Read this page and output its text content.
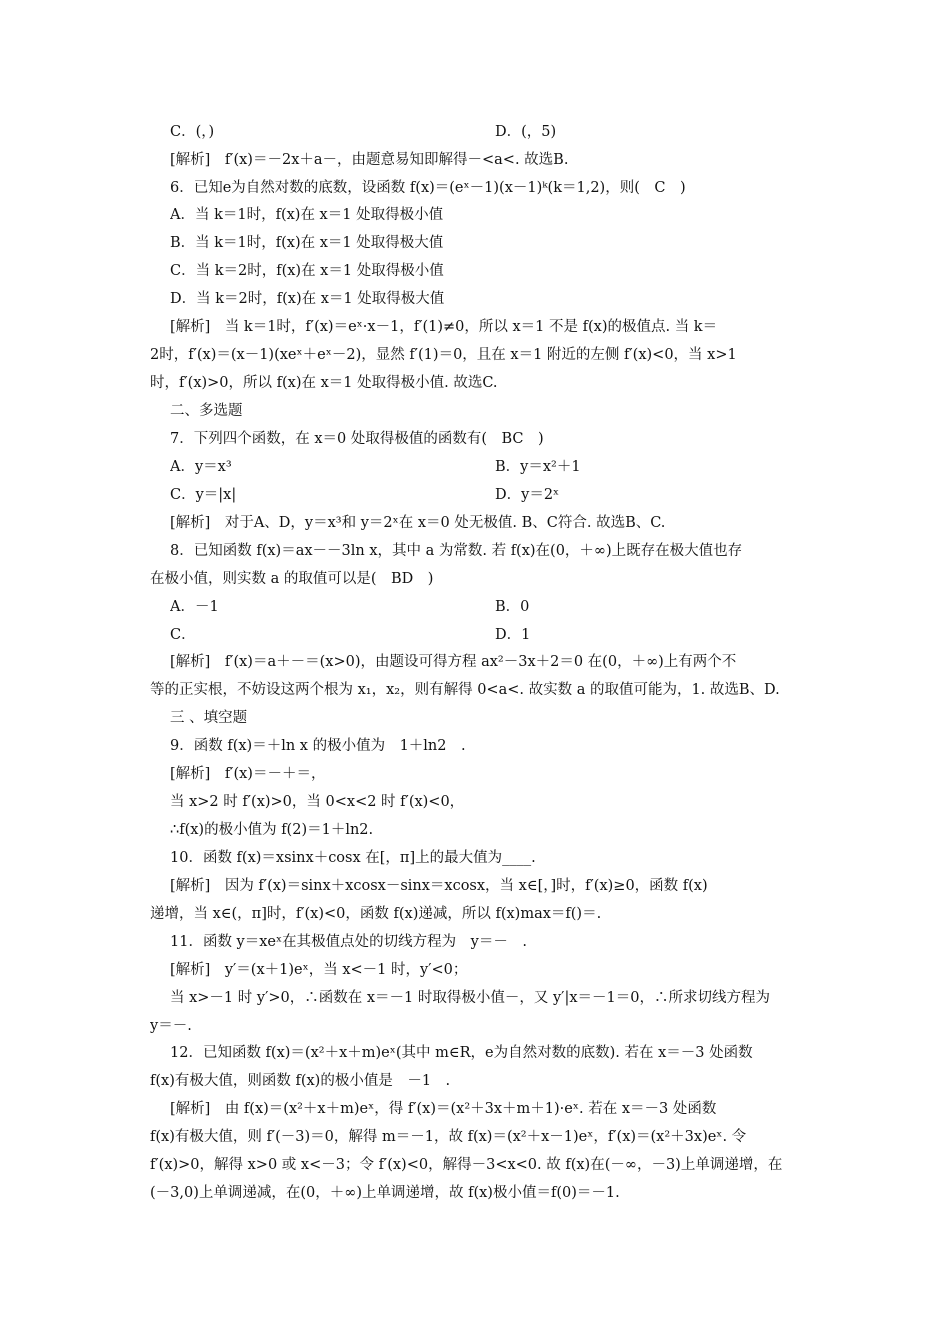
C．(，)	D．(，5)
[解析]　f′(x)＝－2x＋a－，由题意易知即解得－<a<. 故选B.
6．已知e为自然对数的底数，设函数 f(x)＝(eˣ－1)(x－1)ᵏ(k＝1,2)，则(　C　)
A．当 k＝1时，f(x)在 x＝1 处取得极小值
B．当 k＝1时，f(x)在 x＝1 处取得极大值
C．当 k＝2时，f(x)在 x＝1 处取得极小值
D．当 k＝2时，f(x)在 x＝1 处取得极大值
[解析]　当 k＝1时，f′(x)＝eˣ·x－1，f′(1)≠0，所以 x＝1 不是 f(x)的极值点. 当 k＝
2时，f′(x)＝(x－1)(xeˣ＋eˣ－2)，显然 f′(1)＝0，且在 x＝1 附近的左侧 f′(x)<0，当 x>1
时，f′(x)>0，所以 f(x)在 x＝1 处取得极小值. 故选C.
二、多选题
7．下列四个函数，在 x＝0 处取得极值的函数有(　BC　)
A．y＝x³	B．y＝x²＋1
C．y＝|x|	D．y＝2ˣ
[解析]　对于A、D，y＝x³和 y＝2ˣ在 x＝0 处无极值. B、C符合. 故选B、C.
8．已知函数 f(x)＝ax－－3ln x，其中 a 为常数. 若 f(x)在(0，＋∞)上既存在极大值也存
在极小值，则实数 a 的取值可以是(　BD　)
A．－1	B．0
C．	D．1
[解析]　f′(x)＝a＋－＝(x>0)，由题设可得方程 ax²－3x＋2＝0 在(0，＋∞)上有两个不
等的正实根，不妨设这两个根为 x₁，x₂，则有解得 0<a<. 故实数 a 的取值可能为，1. 故选B、D.
三 、填空题
9．函数 f(x)＝＋ln x 的极小值为　1＋ln2　.
[解析]　f′(x)＝－＋＝，
当 x>2 时 f′(x)>0，当 0<x<2 时 f′(x)<0，
∴f(x)的极小值为 f(2)＝1＋ln2.
10．函数 f(x)＝xsinx＋cosx 在[，π]上的最大值为____.
[解析]　因为 f′(x)＝sinx＋xcosx－sinx＝xcosx，当 x∈[，]时，f′(x)≥0，函数 f(x)
递增，当 x∈(，π]时，f′(x)<0，函数 f(x)递减，所以 f(x)max＝f()＝.
11．函数 y＝xeˣ在其极值点处的切线方程为　y＝－　.
[解析]　y′＝(x＋1)eˣ，当 x<－1 时，y′<0；
当 x>－1 时 y′>0，∴函数在 x＝－1 时取得极小值－，又 y′|x＝－1＝0，∴所求切线方程为
y＝－.
12．已知函数 f(x)＝(x²＋x＋m)eˣ(其中 m∈R，e为自然对数的底数). 若在 x＝－3 处函数
f(x)有极大值，则函数 f(x)的极小值是　－1　.
[解析]　由 f(x)＝(x²＋x＋m)eˣ，得 f′(x)＝(x²＋3x＋m＋1)·eˣ. 若在 x＝－3 处函数
f(x)有极大值，则 f′(－3)＝0，解得 m＝－1，故 f(x)＝(x²＋x－1)eˣ，f′(x)＝(x²＋3x)eˣ. 令
f′(x)>0，解得 x>0 或 x<－3；令 f′(x)<0，解得－3<x<0. 故 f(x)在(－∞，－3)上单调递增，在
(－3,0)上单调递减，在(0，＋∞)上单调递增，故 f(x)极小值＝f(0)＝－1.
